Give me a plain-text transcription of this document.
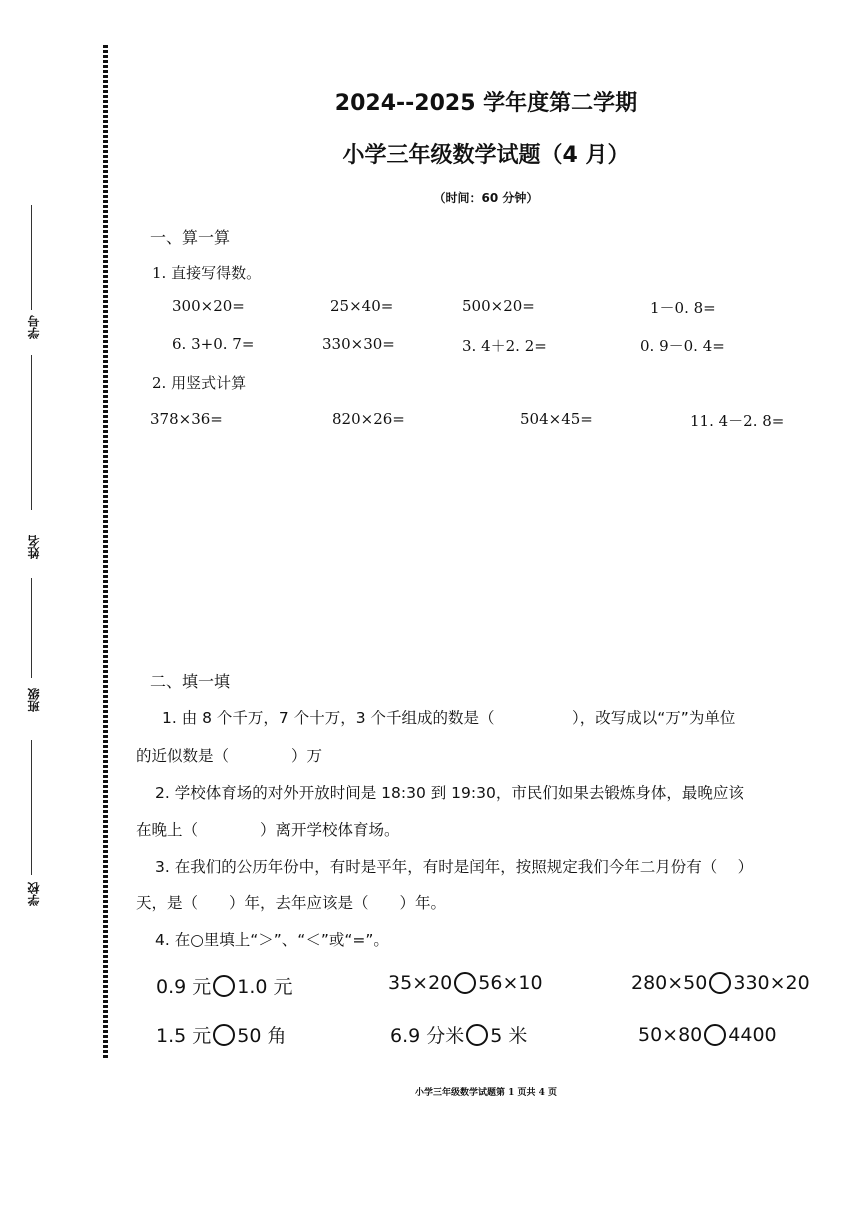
学号
姓名
班级
学校
2024--2025 学年度第二学期
小学三年级数学试题（4 月）
（时间：60 分钟）
一、算一算
1. 直接写得数。
300×20=	25×40=	500×20=	1－0. 8=
6. 3+0. 7=	330×30=	3. 4＋2. 2=	0. 9－0. 4=
2. 用竖式计算
378×36=	820×26=	504×45=	11. 4－2. 8=
二、填一填
1. 由 8 个千万，7 个十万，3 个千组成的数是（　　　　　），改写成以“万”为单位
的近似数是（　　　　）万
2. 学校体育场的对外开放时间是 18:30 到 19:30，市民们如果去锻炼身体，最晚应该
在晚上（　　　　）离开学校体育场。
3. 在我们的公历年份中，有时是平年，有时是闰年，按照规定我们今年二月份有（　 ）
天，是（　　）年，去年应该是（　　）年。
4. 在○里填上“＞”、“＜”或“=”。
0.9 元 1.0 元	35×20 56×10	280×50 330×20
1.5 元 50 角	6.9 分米 5 米	50×80 4400
小学三年级数学试题第 1 页共 4 页
